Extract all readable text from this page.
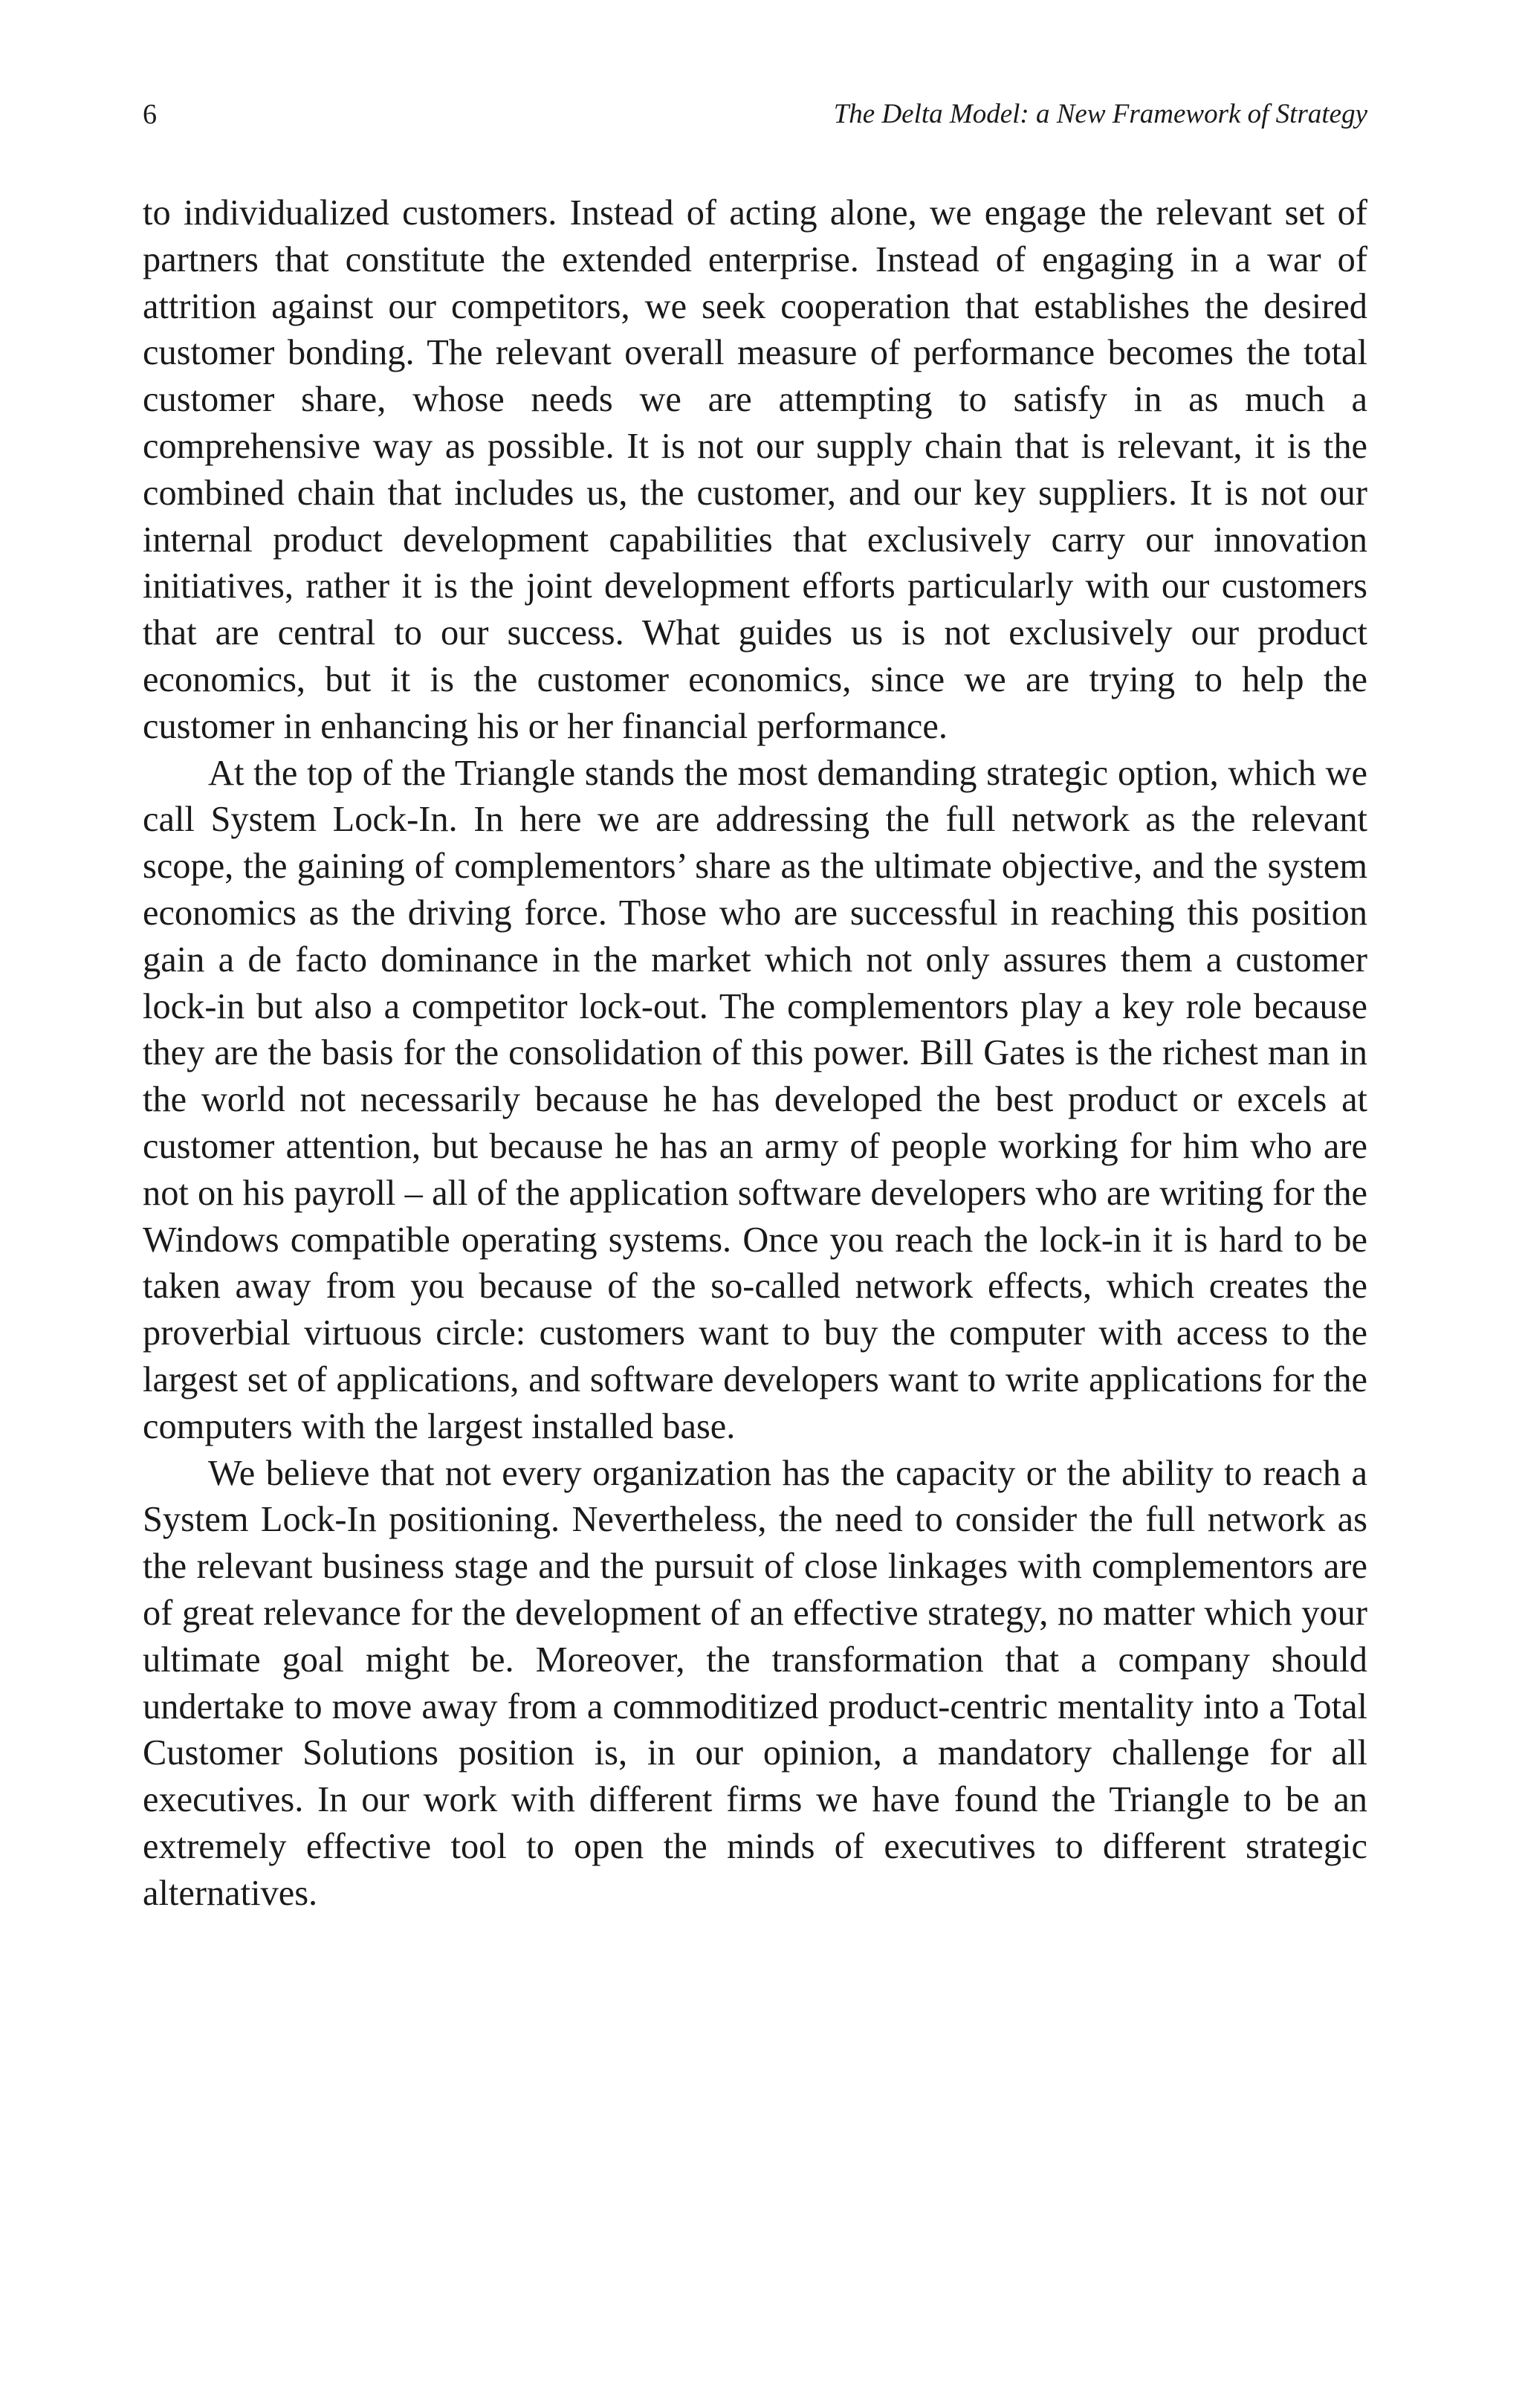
6	The Delta Model: a New Framework of Strategy

to individualized customers. Instead of acting alone, we engage the relevant set of partners that constitute the extended enterprise. Instead of engaging in a war of attrition against our competitors, we seek cooperation that establishes the desired customer bonding. The relevant overall measure of performance becomes the total customer share, whose needs we are attempting to satisfy in as much a comprehensive way as possible. It is not our supply chain that is relevant, it is the combined chain that includes us, the customer, and our key suppliers. It is not our internal product development capabilities that exclusively carry our innovation initiatives, rather it is the joint development efforts particularly with our customers that are central to our success. What guides us is not exclusively our product economics, but it is the customer economics, since we are trying to help the customer in enhancing his or her financial performance.

At the top of the Triangle stands the most demanding strategic option, which we call System Lock-In. In here we are addressing the full network as the relevant scope, the gaining of complementors’ share as the ultimate objective, and the system economics as the driving force. Those who are successful in reaching this position gain a de facto dominance in the market which not only assures them a customer lock-in but also a competitor lock-out. The complementors play a key role because they are the basis for the consolidation of this power. Bill Gates is the richest man in the world not necessarily because he has developed the best product or excels at customer attention, but because he has an army of people working for him who are not on his payroll – all of the application software developers who are writing for the Windows compatible operating systems. Once you reach the lock-in it is hard to be taken away from you because of the so-called network effects, which creates the proverbial virtuous circle: customers want to buy the computer with access to the largest set of applications, and software developers want to write applications for the computers with the largest installed base.

We believe that not every organization has the capacity or the ability to reach a System Lock-In positioning. Nevertheless, the need to consider the full network as the relevant business stage and the pursuit of close linkages with complementors are of great relevance for the development of an effective strategy, no matter which your ultimate goal might be. Moreover, the transformation that a company should undertake to move away from a commoditized product-centric mentality into a Total Customer Solutions position is, in our opinion, a mandatory challenge for all executives. In our work with different firms we have found the Triangle to be an extremely effective tool to open the minds of executives to different strategic alternatives.
